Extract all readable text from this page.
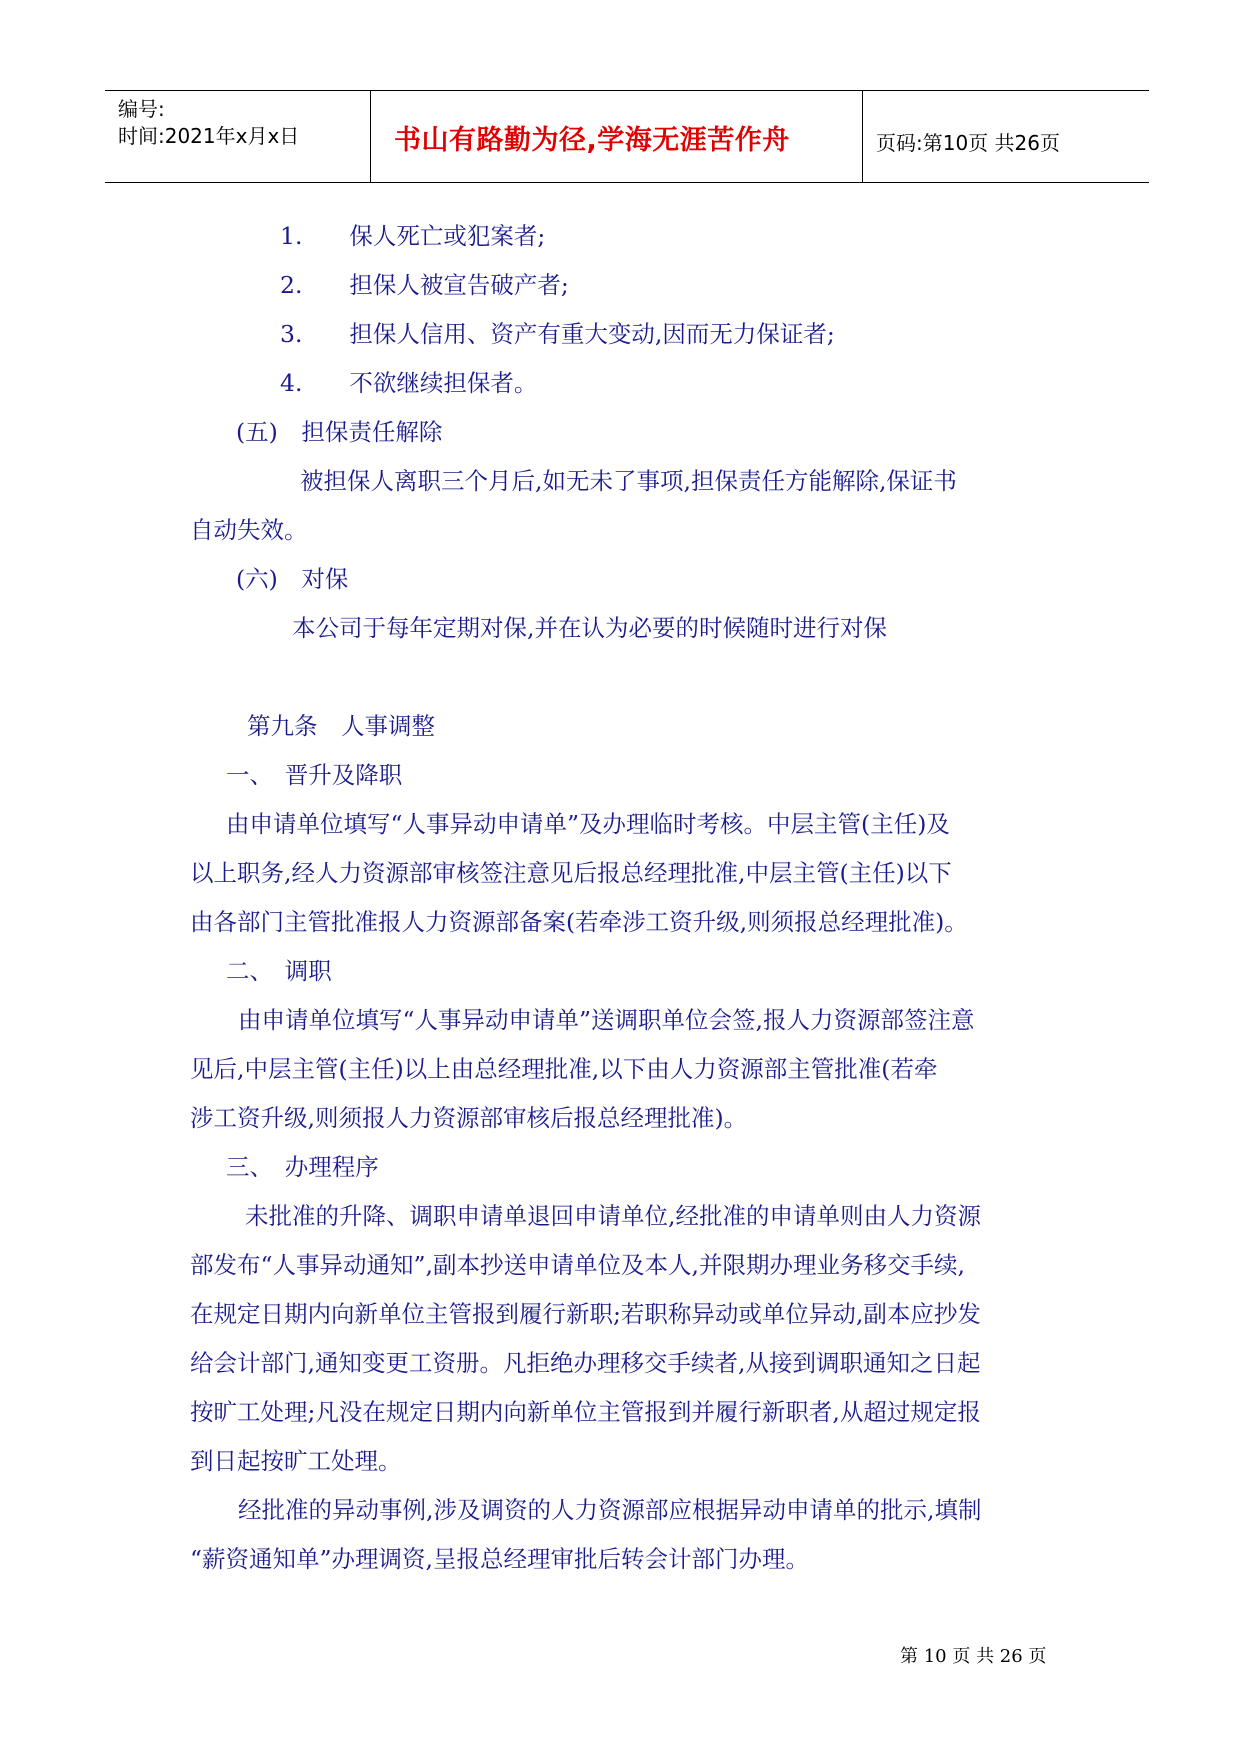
编号:
时间:2021年x月x日	书山有路勤为径,学海无涯苦作舟	页码:第10页 共26页
1.　　保人死亡或犯案者;
2.　　担保人被宣告破产者;
3.　　担保人信用、资产有重大变动,因而无力保证者;
4.　　不欲继续担保者。
(五)　担保责任解除
被担保人离职三个月后,如无未了事项,担保责任方能解除,保证书
自动失效。
(六)　对保
本公司于每年定期对保,并在认为必要的时候随时进行对保
第九条　人事调整
一、　晋升及降职
由申请单位填写“人事异动申请单”及办理临时考核。中层主管(主任)及
以上职务,经人力资源部审核签注意见后报总经理批准,中层主管(主任)以下
由各部门主管批准报人力资源部备案(若牵涉工资升级,则须报总经理批准)。
二、　调职
由申请单位填写“人事异动申请单”送调职单位会签,报人力资源部签注意
见后,中层主管(主任)以上由总经理批准,以下由人力资源部主管批准(若牵
涉工资升级,则须报人力资源部审核后报总经理批准)。
三、　办理程序
未批准的升降、调职申请单退回申请单位,经批准的申请单则由人力资源
部发布“人事异动通知”,副本抄送申请单位及本人,并限期办理业务移交手续,
在规定日期内向新单位主管报到履行新职;若职称异动或单位异动,副本应抄发
给会计部门,通知变更工资册。凡拒绝办理移交手续者,从接到调职通知之日起
按旷工处理;凡没在规定日期内向新单位主管报到并履行新职者,从超过规定报
到日起按旷工处理。
经批准的异动事例,涉及调资的人力资源部应根据异动申请单的批示,填制
“薪资通知单”办理调资,呈报总经理审批后转会计部门办理。
第 10 页 共 26 页
